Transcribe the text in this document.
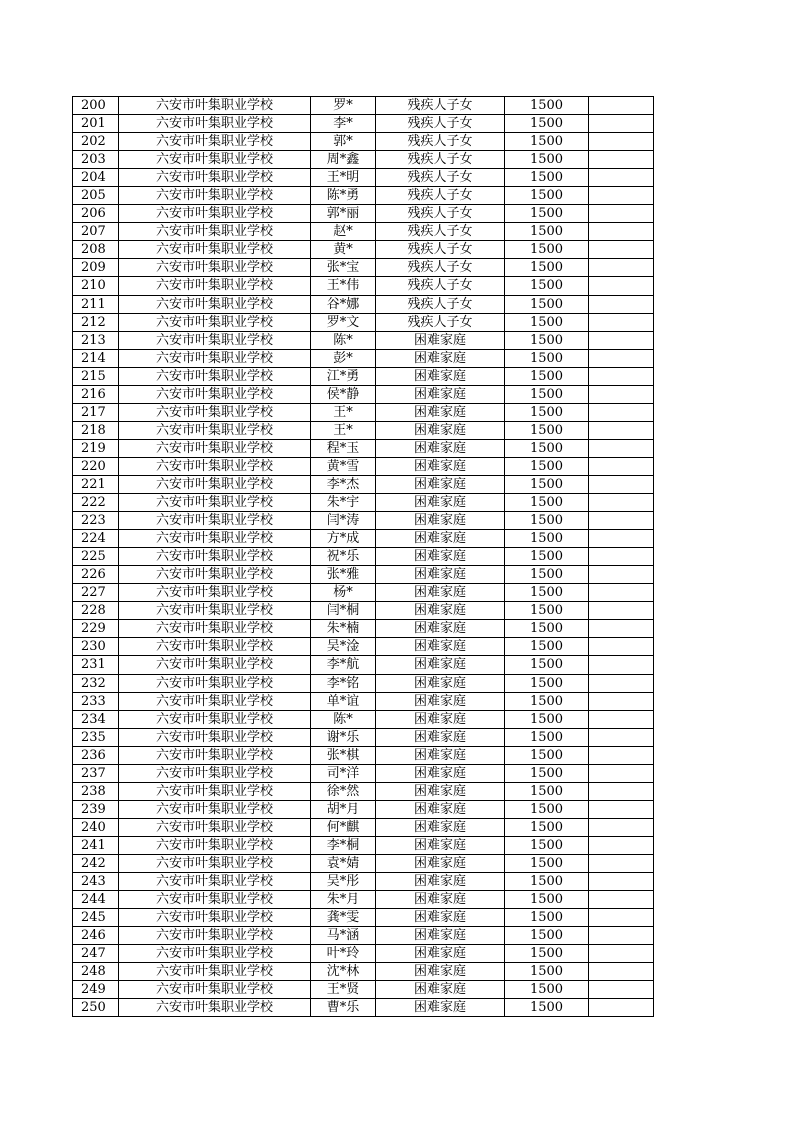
200	六安市叶集职业学校	罗*	残疾人子女	1500	
201	六安市叶集职业学校	李*	残疾人子女	1500	
202	六安市叶集职业学校	郭*	残疾人子女	1500	
203	六安市叶集职业学校	周*鑫	残疾人子女	1500	
204	六安市叶集职业学校	王*明	残疾人子女	1500	
205	六安市叶集职业学校	陈*勇	残疾人子女	1500	
206	六安市叶集职业学校	郭*丽	残疾人子女	1500	
207	六安市叶集职业学校	赵*	残疾人子女	1500	
208	六安市叶集职业学校	黄*	残疾人子女	1500	
209	六安市叶集职业学校	张*宝	残疾人子女	1500	
210	六安市叶集职业学校	王*伟	残疾人子女	1500	
211	六安市叶集职业学校	谷*娜	残疾人子女	1500	
212	六安市叶集职业学校	罗*文	残疾人子女	1500	
213	六安市叶集职业学校	陈*	困难家庭	1500	
214	六安市叶集职业学校	彭*	困难家庭	1500	
215	六安市叶集职业学校	江*勇	困难家庭	1500	
216	六安市叶集职业学校	侯*静	困难家庭	1500	
217	六安市叶集职业学校	王*	困难家庭	1500	
218	六安市叶集职业学校	王*	困难家庭	1500	
219	六安市叶集职业学校	程*玉	困难家庭	1500	
220	六安市叶集职业学校	黄*雪	困难家庭	1500	
221	六安市叶集职业学校	李*杰	困难家庭	1500	
222	六安市叶集职业学校	朱*宇	困难家庭	1500	
223	六安市叶集职业学校	闫*涛	困难家庭	1500	
224	六安市叶集职业学校	方*成	困难家庭	1500	
225	六安市叶集职业学校	祝*乐	困难家庭	1500	
226	六安市叶集职业学校	张*雅	困难家庭	1500	
227	六安市叶集职业学校	杨*	困难家庭	1500	
228	六安市叶集职业学校	闫*桐	困难家庭	1500	
229	六安市叶集职业学校	朱*楠	困难家庭	1500	
230	六安市叶集职业学校	吴*淦	困难家庭	1500	
231	六安市叶集职业学校	李*航	困难家庭	1500	
232	六安市叶集职业学校	李*铭	困难家庭	1500	
233	六安市叶集职业学校	单*谊	困难家庭	1500	
234	六安市叶集职业学校	陈*	困难家庭	1500	
235	六安市叶集职业学校	谢*乐	困难家庭	1500	
236	六安市叶集职业学校	张*棋	困难家庭	1500	
237	六安市叶集职业学校	司*洋	困难家庭	1500	
238	六安市叶集职业学校	徐*然	困难家庭	1500	
239	六安市叶集职业学校	胡*月	困难家庭	1500	
240	六安市叶集职业学校	何*麒	困难家庭	1500	
241	六安市叶集职业学校	李*桐	困难家庭	1500	
242	六安市叶集职业学校	袁*婧	困难家庭	1500	
243	六安市叶集职业学校	吴*彤	困难家庭	1500	
244	六安市叶集职业学校	朱*月	困难家庭	1500	
245	六安市叶集职业学校	龚*雯	困难家庭	1500	
246	六安市叶集职业学校	马*涵	困难家庭	1500	
247	六安市叶集职业学校	叶*玲	困难家庭	1500	
248	六安市叶集职业学校	沈*林	困难家庭	1500	
249	六安市叶集职业学校	王*贤	困难家庭	1500	
250	六安市叶集职业学校	曹*乐	困难家庭	1500	
